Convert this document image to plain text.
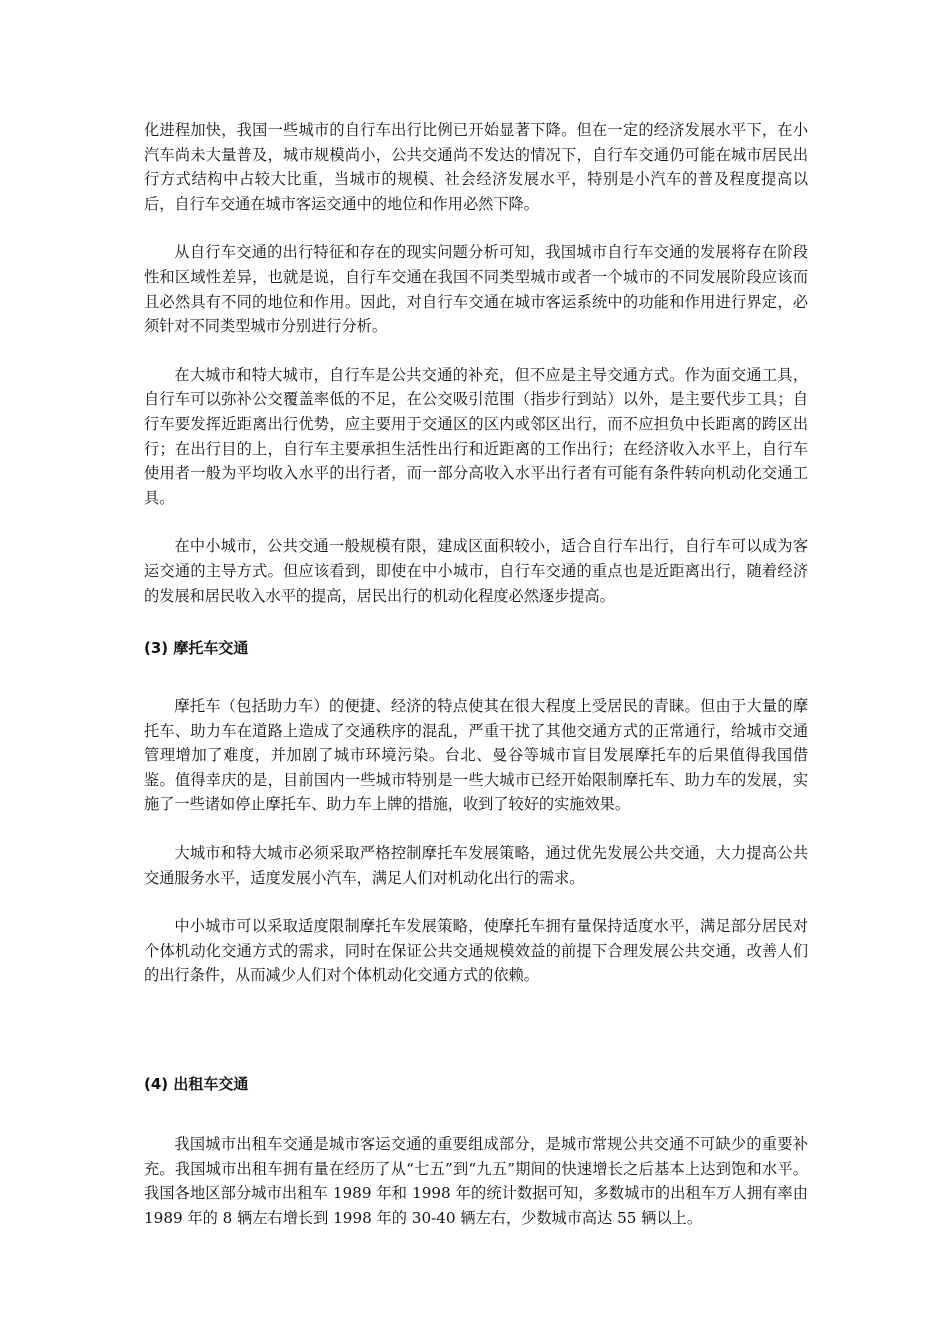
化进程加快，我国一些城市的自行车出行比例已开始显著下降。但在一定的经济发展水平下，在小汽车尚未大量普及，城市规模尚小，公共交通尚不发达的情况下，自行车交通仍可能在城市居民出行方式结构中占较大比重，当城市的规模、社会经济发展水平，特别是小汽车的普及程度提高以后，自行车交通在城市客运交通中的地位和作用必然下降。

从自行车交通的出行特征和存在的现实问题分析可知，我国城市自行车交通的发展将存在阶段性和区域性差异，也就是说，自行车交通在我国不同类型城市或者一个城市的不同发展阶段应该而且必然具有不同的地位和作用。因此，对自行车交通在城市客运系统中的功能和作用进行界定，必须针对不同类型城市分别进行分析。

在大城市和特大城市，自行车是公共交通的补充，但不应是主导交通方式。作为面交通工具，自行车可以弥补公交覆盖率低的不足，在公交吸引范围（指步行到站）以外，是主要代步工具；自行车要发挥近距离出行优势，应主要用于交通区的区内或邻区出行，而不应担负中长距离的跨区出行；在出行目的上，自行车主要承担生活性出行和近距离的工作出行；在经济收入水平上，自行车使用者一般为平均收入水平的出行者，而一部分高收入水平出行者有可能有条件转向机动化交通工具。

在中小城市，公共交通一般规模有限，建成区面积较小，适合自行车出行，自行车可以成为客运交通的主导方式。但应该看到，即使在中小城市，自行车交通的重点也是近距离出行，随着经济的发展和居民收入水平的提高，居民出行的机动化程度必然逐步提高。

(3) 摩托车交通

摩托车（包括助力车）的便捷、经济的特点使其在很大程度上受居民的青睐。但由于大量的摩托车、助力车在道路上造成了交通秩序的混乱，严重干扰了其他交通方式的正常通行，给城市交通管理增加了难度，并加剧了城市环境污染。台北、曼谷等城市盲目发展摩托车的后果值得我国借鉴。值得幸庆的是，目前国内一些城市特别是一些大城市已经开始限制摩托车、助力车的发展，实施了一些诸如停止摩托车、助力车上牌的措施，收到了较好的实施效果。

大城市和特大城市必须采取严格控制摩托车发展策略，通过优先发展公共交通，大力提高公共交通服务水平，适度发展小汽车，满足人们对机动化出行的需求。

中小城市可以采取适度限制摩托车发展策略，使摩托车拥有量保持适度水平，满足部分居民对个体机动化交通方式的需求，同时在保证公共交通规模效益的前提下合理发展公共交通，改善人们的出行条件，从而减少人们对个体机动化交通方式的依赖。

(4) 出租车交通

我国城市出租车交通是城市客运交通的重要组成部分，是城市常规公共交通不可缺少的重要补充。我国城市出租车拥有量在经历了从“七五”到“九五”期间的快速增长之后基本上达到饱和水平。我国各地区部分城市出租车 1989 年和 1998 年的统计数据可知，多数城市的出租车万人拥有率由 1989 年的 8 辆左右增长到 1998 年的 30-40 辆左右，少数城市高达 55 辆以上。
